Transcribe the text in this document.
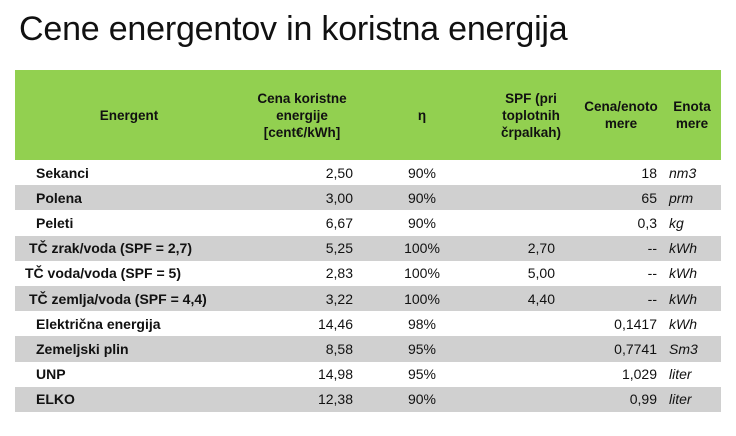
Cene energentov in koristna energija
Energent	Cena koristne energije [cent€/kWh]	η	SPF (pri toplotnih črpalkah)	Cena/enoto mere	Enota mere
Sekanci	2,50	90%		18	nm3
Polena	3,00	90%		65	prm
Peleti	6,67	90%		0,3	kg
TČ zrak/voda (SPF = 2,7)	5,25	100%	2,70	--	kWh
TČ voda/voda (SPF = 5)	2,83	100%	5,00	--	kWh
TČ zemlja/voda (SPF = 4,4)	3,22	100%	4,40	--	kWh
Električna energija	14,46	98%		0,1417	kWh
Zemeljski plin	8,58	95%		0,7741	Sm3
UNP	14,98	95%		1,029	liter
ELKO	12,38	90%		0,99	liter
